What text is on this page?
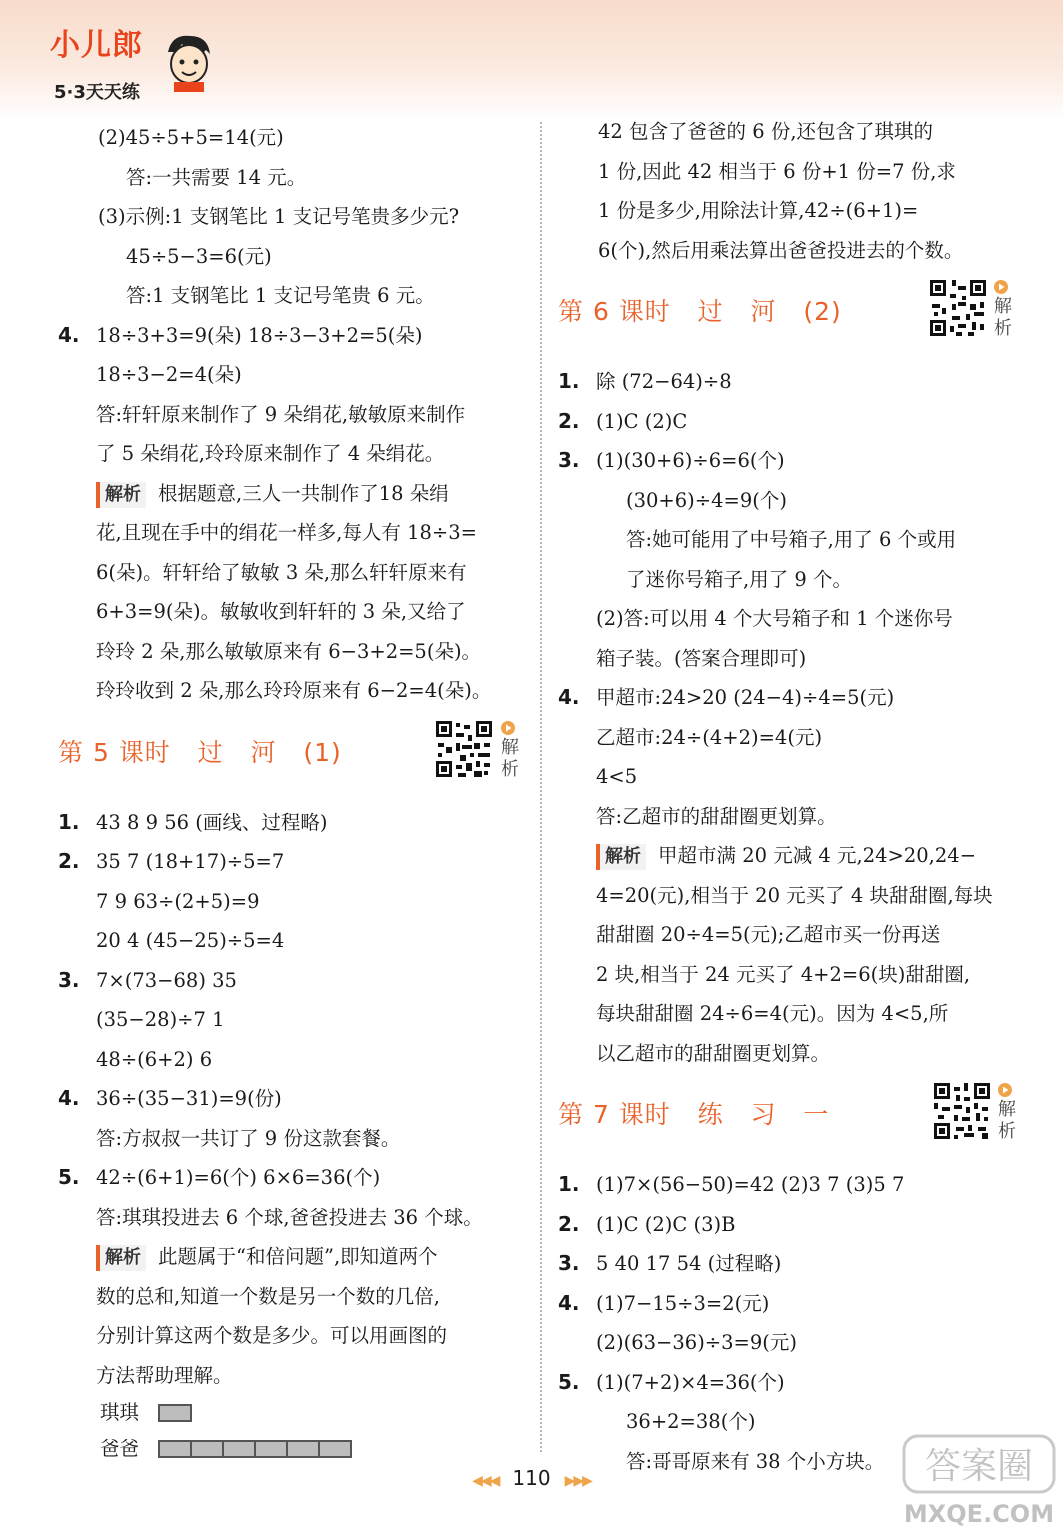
小儿郎
5·3天天练
(2)45÷5+5=14(元)
答:一共需要 14 元。
(3)示例:1 支钢笔比 1 支记号笔贵多少元?
45÷5−3=6(元)
答:1 支钢笔比 1 支记号笔贵 6 元。
4. 18÷3+3=9(朵) 18÷3−3+2=5(朵)
18÷3−2=4(朵)
答:轩轩原来制作了 9 朵绢花,敏敏原来制作
了 5 朵绢花,玲玲原来制作了 4 朵绢花。
解析 根据题意,三人一共制作了18 朵绢
花,且现在手中的绢花一样多,每人有 18÷3=
6(朵)。轩轩给了敏敏 3 朵,那么轩轩原来有
6+3=9(朵)。敏敏收到轩轩的 3 朵,又给了
玲玲 2 朵,那么敏敏原来有 6−3+2=5(朵)。
玲玲收到 2 朵,那么玲玲原来有 6−2=4(朵)。
第 5 课时   过   河   (1)	解析
1. 43 8 9 56 (画线、过程略)
2. 35 7 (18+17)÷5=7
7 9 63÷(2+5)=9
20 4 (45−25)÷5=4
3. 7×(73−68) 35
(35−28)÷7 1
48÷(6+2) 6
4. 36÷(35−31)=9(份)
答:方叔叔一共订了 9 份这款套餐。
5. 42÷(6+1)=6(个) 6×6=36(个)
答:琪琪投进去 6 个球,爸爸投进去 36 个球。
解析 此题属于“和倍问题”,即知道两个
数的总和,知道一个数是另一个数的几倍,
分别计算这两个数是多少。可以用画图的
方法帮助理解。
琪琪
爸爸
42 包含了爸爸的 6 份,还包含了琪琪的
1 份,因此 42 相当于 6 份+1 份=7 份,求
1 份是多少,用除法计算,42÷(6+1)=
6(个),然后用乘法算出爸爸投进去的个数。
第 6 课时   过   河   (2)	解析
1. 除 (72−64)÷8
2. (1)C (2)C
3. (1)(30+6)÷6=6(个)
(30+6)÷4=9(个)
答:她可能用了中号箱子,用了 6 个或用
了迷你号箱子,用了 9 个。
(2)答:可以用 4 个大号箱子和 1 个迷你号
箱子装。(答案合理即可)
4. 甲超市:24>20 (24−4)÷4=5(元)
乙超市:24÷(4+2)=4(元)
4<5
答:乙超市的甜甜圈更划算。
解析 甲超市满 20 元减 4 元,24>20,24−
4=20(元),相当于 20 元买了 4 块甜甜圈,每块
甜甜圈 20÷4=5(元);乙超市买一份再送
2 块,相当于 24 元买了 4+2=6(块)甜甜圈,
每块甜甜圈 24÷6=4(元)。因为 4<5,所
以乙超市的甜甜圈更划算。
第 7 课时   练   习   一	解析
1. (1)7×(56−50)=42 (2)3 7 (3)5 7
2. (1)C (2)C (3)B
3. 5 40 17 54 (过程略)
4. (1)7−15÷3=2(元)
(2)(63−36)÷3=9(元)
5. (1)(7+2)×4=36(个)
36+2=38(个)
答:哥哥原来有 38 个小方块。
◀◀◀ 110 ▶▶▶	答案圈
MXQE.COM
